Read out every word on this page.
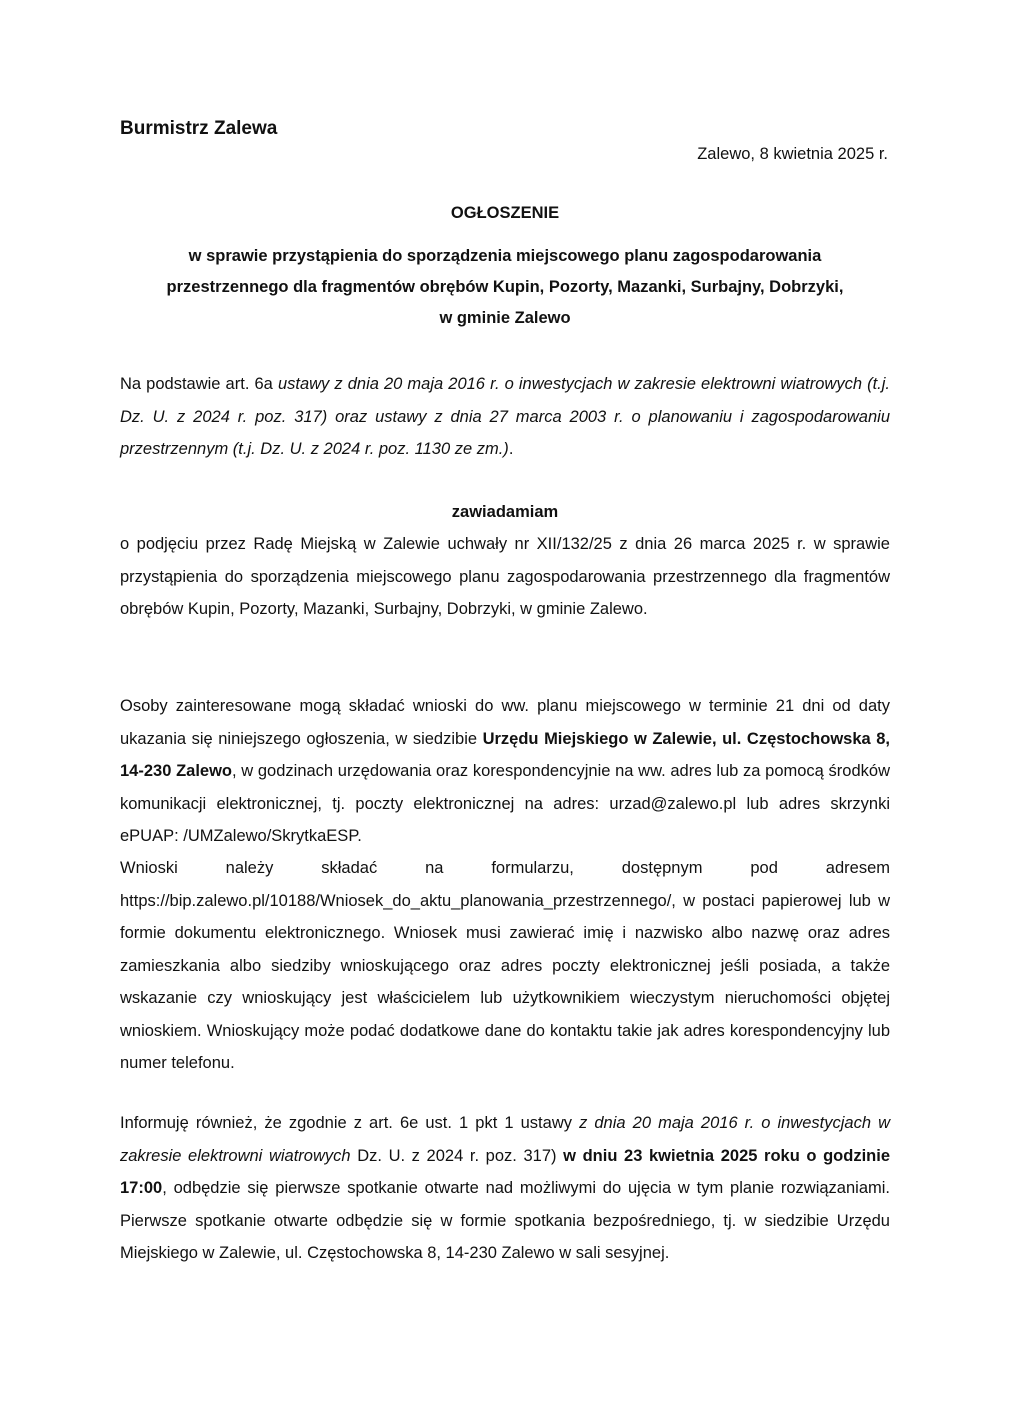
Burmistrz Zalewa
Zalewo, 8 kwietnia 2025 r.
OGŁOSZENIE
w sprawie przystąpienia do sporządzenia miejscowego planu zagospodarowania
przestrzennego dla fragmentów obrębów Kupin, Pozorty, Mazanki, Surbajny, Dobrzyki,
w gminie Zalewo
Na podstawie art. 6a ustawy z dnia 20 maja 2016 r. o inwestycjach w zakresie elektrowni wiatrowych (t.j. Dz. U. z 2024 r. poz. 317) oraz ustawy z dnia 27 marca 2003 r. o planowaniu i zagospodarowaniu przestrzennym (t.j. Dz. U. z 2024 r. poz. 1130 ze zm.).
zawiadamiam
o podjęciu przez Radę Miejską w Zalewie uchwały nr XII/132/25 z dnia 26 marca 2025 r. w sprawie przystąpienia do sporządzenia miejscowego planu zagospodarowania przestrzennego dla fragmentów obrębów Kupin, Pozorty, Mazanki, Surbajny, Dobrzyki, w gminie Zalewo.
Osoby zainteresowane mogą składać wnioski do ww. planu miejscowego w terminie 21 dni od daty ukazania się niniejszego ogłoszenia, w siedzibie Urzędu Miejskiego w Zalewie, ul. Częstochowska 8, 14-230 Zalewo, w godzinach urzędowania oraz korespondencyjnie na ww. adres lub za pomocą środków komunikacji elektronicznej, tj. poczty elektronicznej na adres: urzad@zalewo.pl lub adres skrzynki ePUAP: /UMZalewo/SkrytkaESP.
Wnioski należy składać na formularzu, dostępnym pod adresem https://bip.zalewo.pl/10188/Wniosek_do_aktu_planowania_przestrzennego/, w postaci papierowej lub w formie dokumentu elektronicznego. Wniosek musi zawierać imię i nazwisko albo nazwę oraz adres zamieszkania albo siedziby wnioskującego oraz adres poczty elektronicznej jeśli posiada, a także wskazanie czy wnioskujący jest właścicielem lub użytkownikiem wieczystym nieruchomości objętej wnioskiem. Wnioskujący może podać dodatkowe dane do kontaktu takie jak adres korespondencyjny lub numer telefonu.
Informuję również, że zgodnie z art. 6e ust. 1 pkt 1 ustawy z dnia 20 maja 2016 r. o inwestycjach w zakresie elektrowni wiatrowych Dz. U. z 2024 r. poz. 317) w dniu 23 kwietnia 2025 roku o godzinie 17:00, odbędzie się pierwsze spotkanie otwarte nad możliwymi do ujęcia w tym planie rozwiązaniami. Pierwsze spotkanie otwarte odbędzie się w formie spotkania bezpośredniego, tj. w siedzibie Urzędu Miejskiego w Zalewie, ul. Częstochowska 8, 14-230 Zalewo w sali sesyjnej.
